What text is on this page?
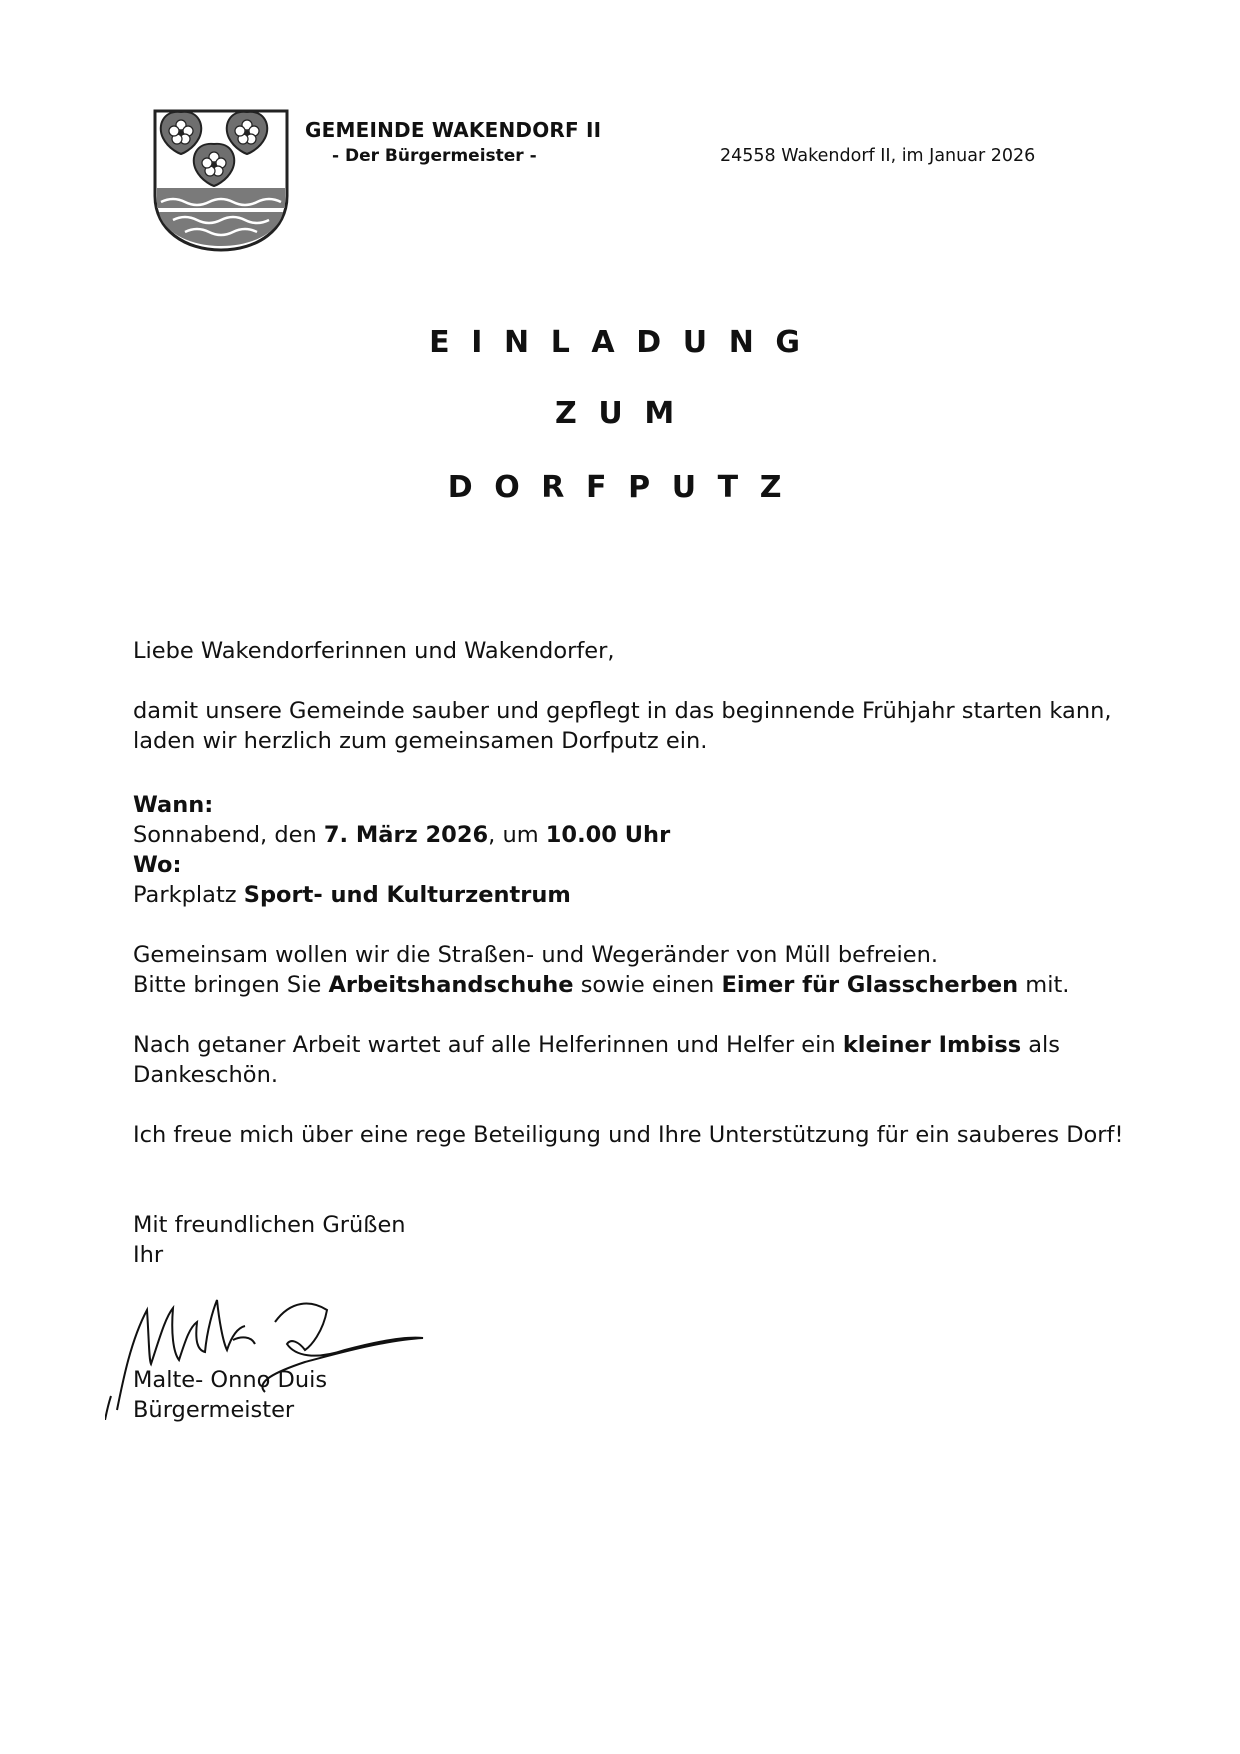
GEMEINDE WAKENDORF II
- Der Bürgermeister -	24558 Wakendorf II, im Januar 2026
EINLADUNG
ZUM
DORFPUTZ
Liebe Wakendorferinnen und Wakendorfer,
damit unsere Gemeinde sauber und gepflegt in das beginnende Frühjahr starten kann, laden wir herzlich zum gemeinsamen Dorfputz ein.
Wann:
Sonnabend, den 7. März 2026, um 10.00 Uhr
Wo:
Parkplatz Sport- und Kulturzentrum
Gemeinsam wollen wir die Straßen- und Wegeränder von Müll befreien.
Bitte bringen Sie Arbeitshandschuhe sowie einen Eimer für Glasscherben mit.
Nach getaner Arbeit wartet auf alle Helferinnen und Helfer ein kleiner Imbiss als Dankeschön.
Ich freue mich über eine rege Beteiligung und Ihre Unterstützung für ein sauberes Dorf!
Mit freundlichen Grüßen
Ihr
Malte- Onno Duis
Bürgermeister
